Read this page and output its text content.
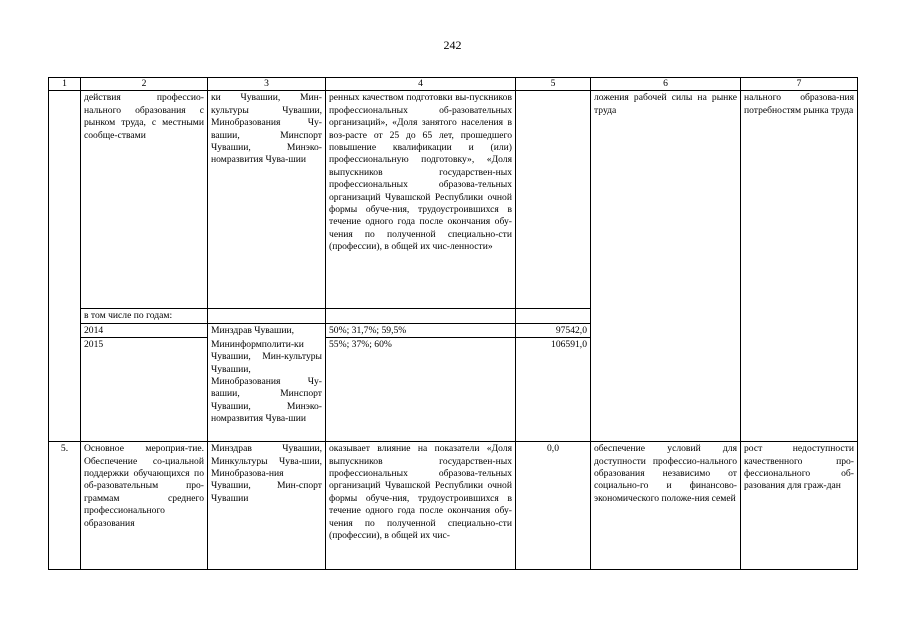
242
1	2	3	4	5	6	7
	действия профессио-нального образования с рынком труда, с местными сообще-ствами	ки Чувашии, Мин-культуры Чувашии, Минобразования Чу-вашии, Минспорт Чувашии, Минэко-номразвития Чува-шии	ренных качеством подготовки вы-пускников профессиональных об-разовательных организаций», «Доля занятого населения в воз-расте от 25 до 65 лет, прошедшего повышение квалификации и (или) профессиональную подготовку», «Доля выпускников государствен-ных профессиональных образова-тельных организаций Чувашской Республики очной формы обуче-ния, трудоустроившихся в течение одного года после окончания обу-чения по полученной специально-сти (профессии), в общей их чис-ленности»		ложения рабочей силы на рынке труда	нального образова-ния потребностям рынка труда
	в том числе по годам:					
	2014	Минздрав Чувашии,	50%; 31,7%; 59,5%	97542,0		
	2015	Мининформполити-ки Чувашии, Мин-культуры Чувашии, Минобразования Чу-вашии, Минспорт Чувашии, Минэко-номразвития Чува-шии	55%; 37%; 60%	106591,0		
5.	Основное мероприя-тие. Обеспечение со-циальной поддержки обучающихся по об-разовательным про-граммам среднего профессионального образования	Минздрав Чувашии, Минкультуры Чува-шии, Минобразова-ния Чувашии, Мин-спорт Чувашии	оказывает влияние на показатели «Доля выпускников государствен-ных профессиональных образова-тельных организаций Чувашской Республики очной формы обуче-ния, трудоустроившихся в течение одного года после окончания обу-чения по полученной специально-сти (профессии), в общей их чис-	0,0	обеспечение условий для доступности профессио-нального образования независимо от социально-го и финансово-экономического положе-ния семей	рост недоступности качественного про-фессионального об-разования для граж-дан
